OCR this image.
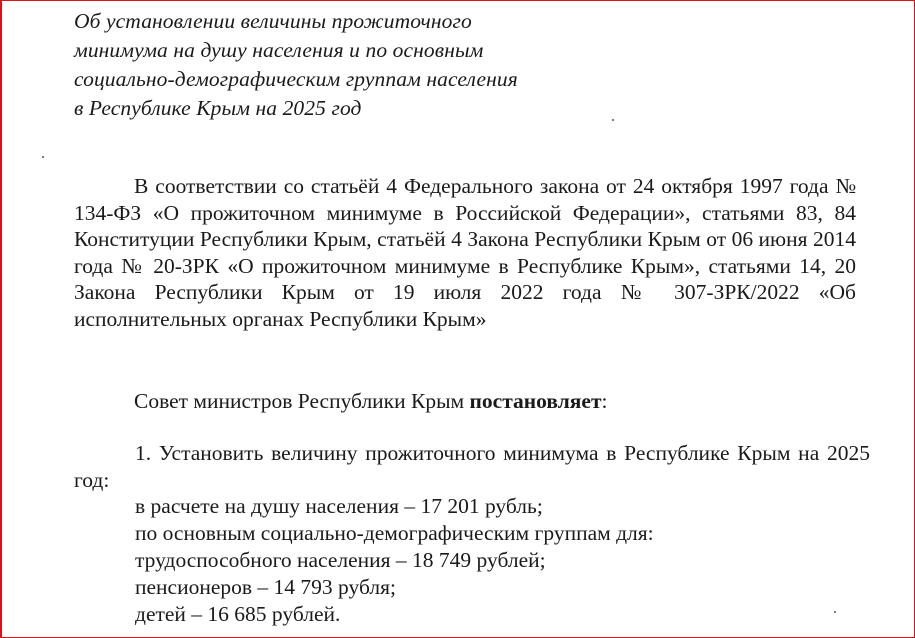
Об установлении величины прожиточного
минимума на душу населения и по основным
социально-демографическим группам населения
в Республике Крым на 2025 год
В соответствии со статьёй 4 Федерального закона от 24 октября 1997 года № 134-ФЗ «О прожиточном минимуме в Российской Федерации», статьями 83, 84 Конституции Республики Крым, статьёй 4 Закона Республики Крым от 06 июня 2014 года № 20-ЗРК «О прожиточном минимуме в Республике Крым», статьями 14, 20 Закона Республики Крым от 19 июля 2022 года № 307-ЗРК/2022 «Об исполнительных органах Республики Крым»
Совет министров Республики Крым постановляет:
1. Установить величину прожиточного минимума в Республике Крым на 2025 год:
в расчете на душу населения – 17 201 рубль;
по основным социально-демографическим группам для:
трудоспособного населения – 18 749 рублей;
пенсионеров – 14 793 рубля;
детей – 16 685 рублей.
